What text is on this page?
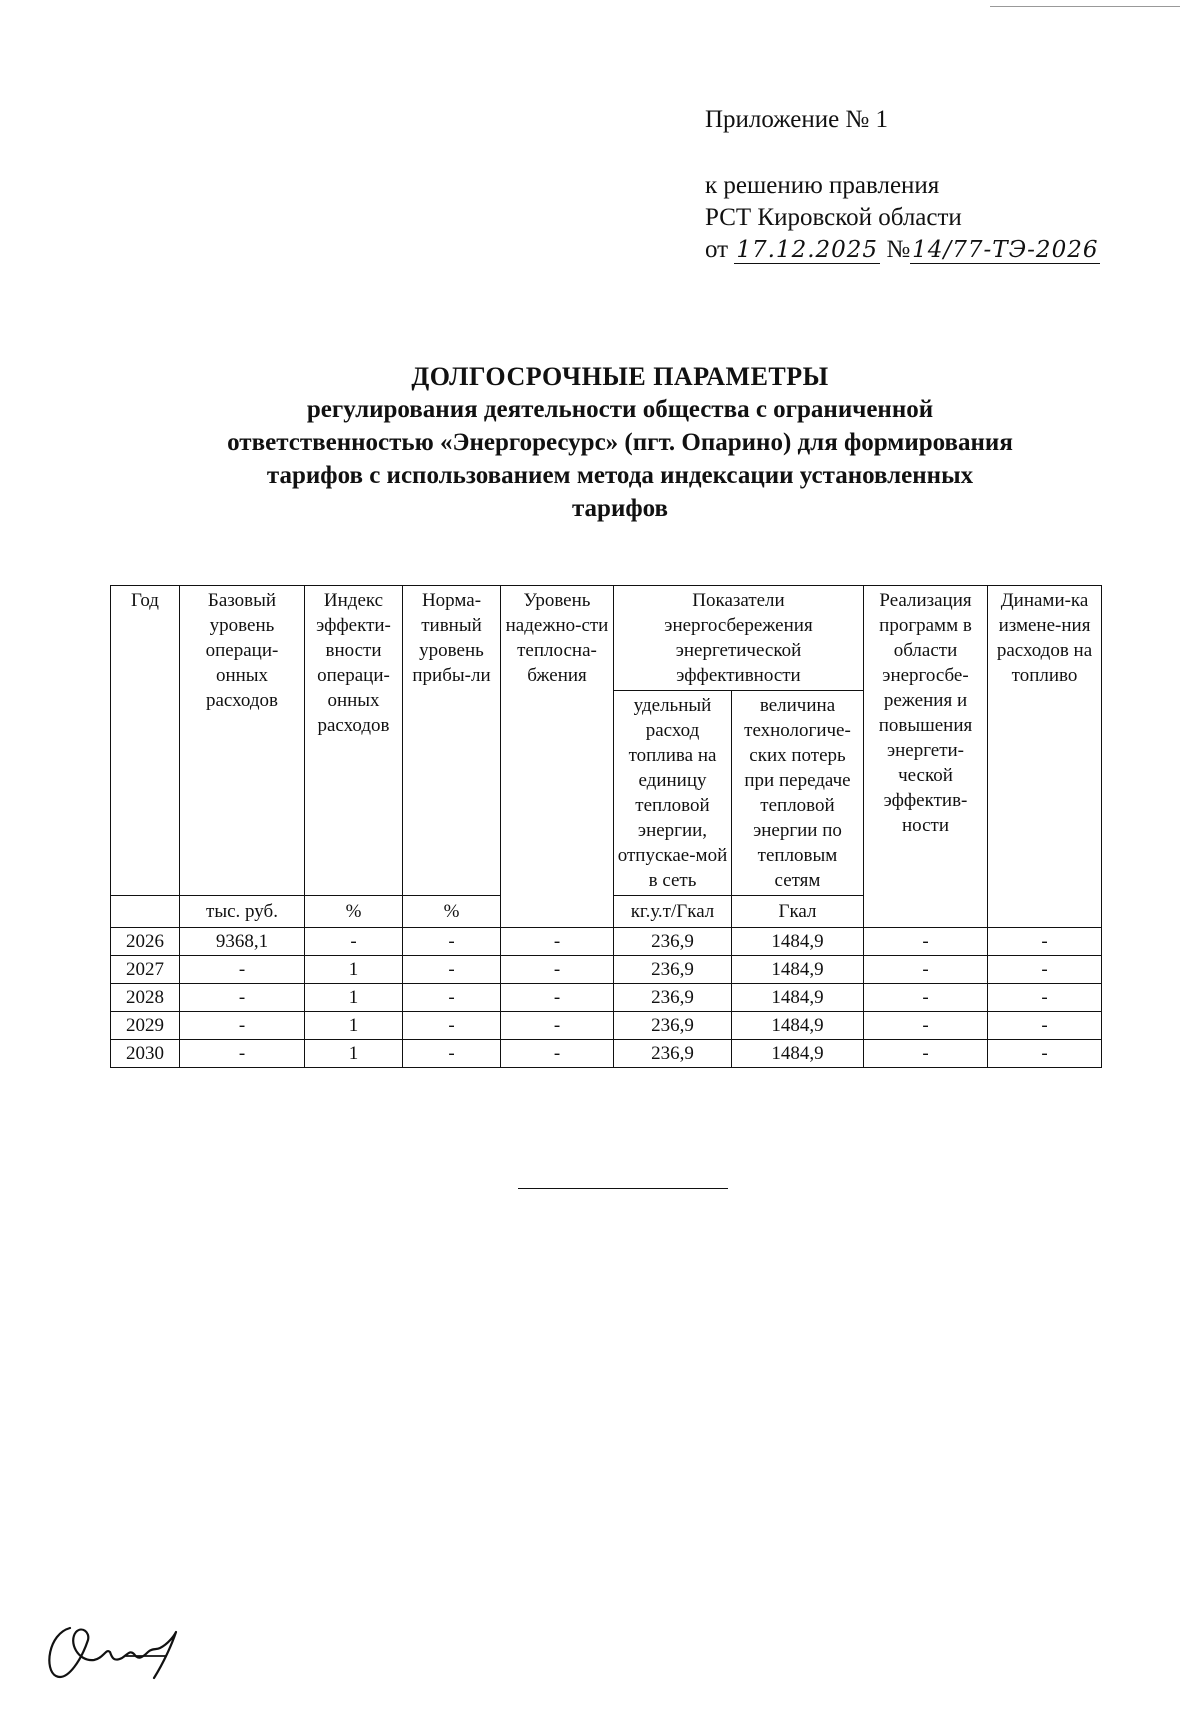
Приложение № 1
к решению правления
РСТ Кировской области
от 17.12.2025 №14/77-ТЭ-2026
ДОЛГОСРОЧНЫЕ ПАРАМЕТРЫ
регулирования деятельности общества с ограниченной
ответственностью «Энергоресурс» (пгт. Опарино) для формирования
тарифов с использованием метода индексации установленных
тарифов
Год	Базовый уровень операци-онных расходов	Индекс эффекти-вности операци-онных расходов	Норма-тивный уровень прибы-ли	Уровень надежно-сти теплосна-бжения	Показатели энергосбережения энергетической эффективности		Реализация программ в области энергосбе-режения и повышения энергети-ческой эффектив-ности	Динами-ка измене-ния расходов на топливо
					удельный расход топлива на единицу тепловой энергии, отпускае-мой в сеть	величина технологиче-ских потерь при передаче тепловой энергии по тепловым сетям		
	тыс. руб.	%	%		кг.у.т/Гкал	Гкал		
2026	9368,1	-	-	-	236,9	1484,9	-	-
2027	-	1	-	-	236,9	1484,9	-	-
2028	-	1	-	-	236,9	1484,9	-	-
2029	-	1	-	-	236,9	1484,9	-	-
2030	-	1	-	-	236,9	1484,9	-	-
